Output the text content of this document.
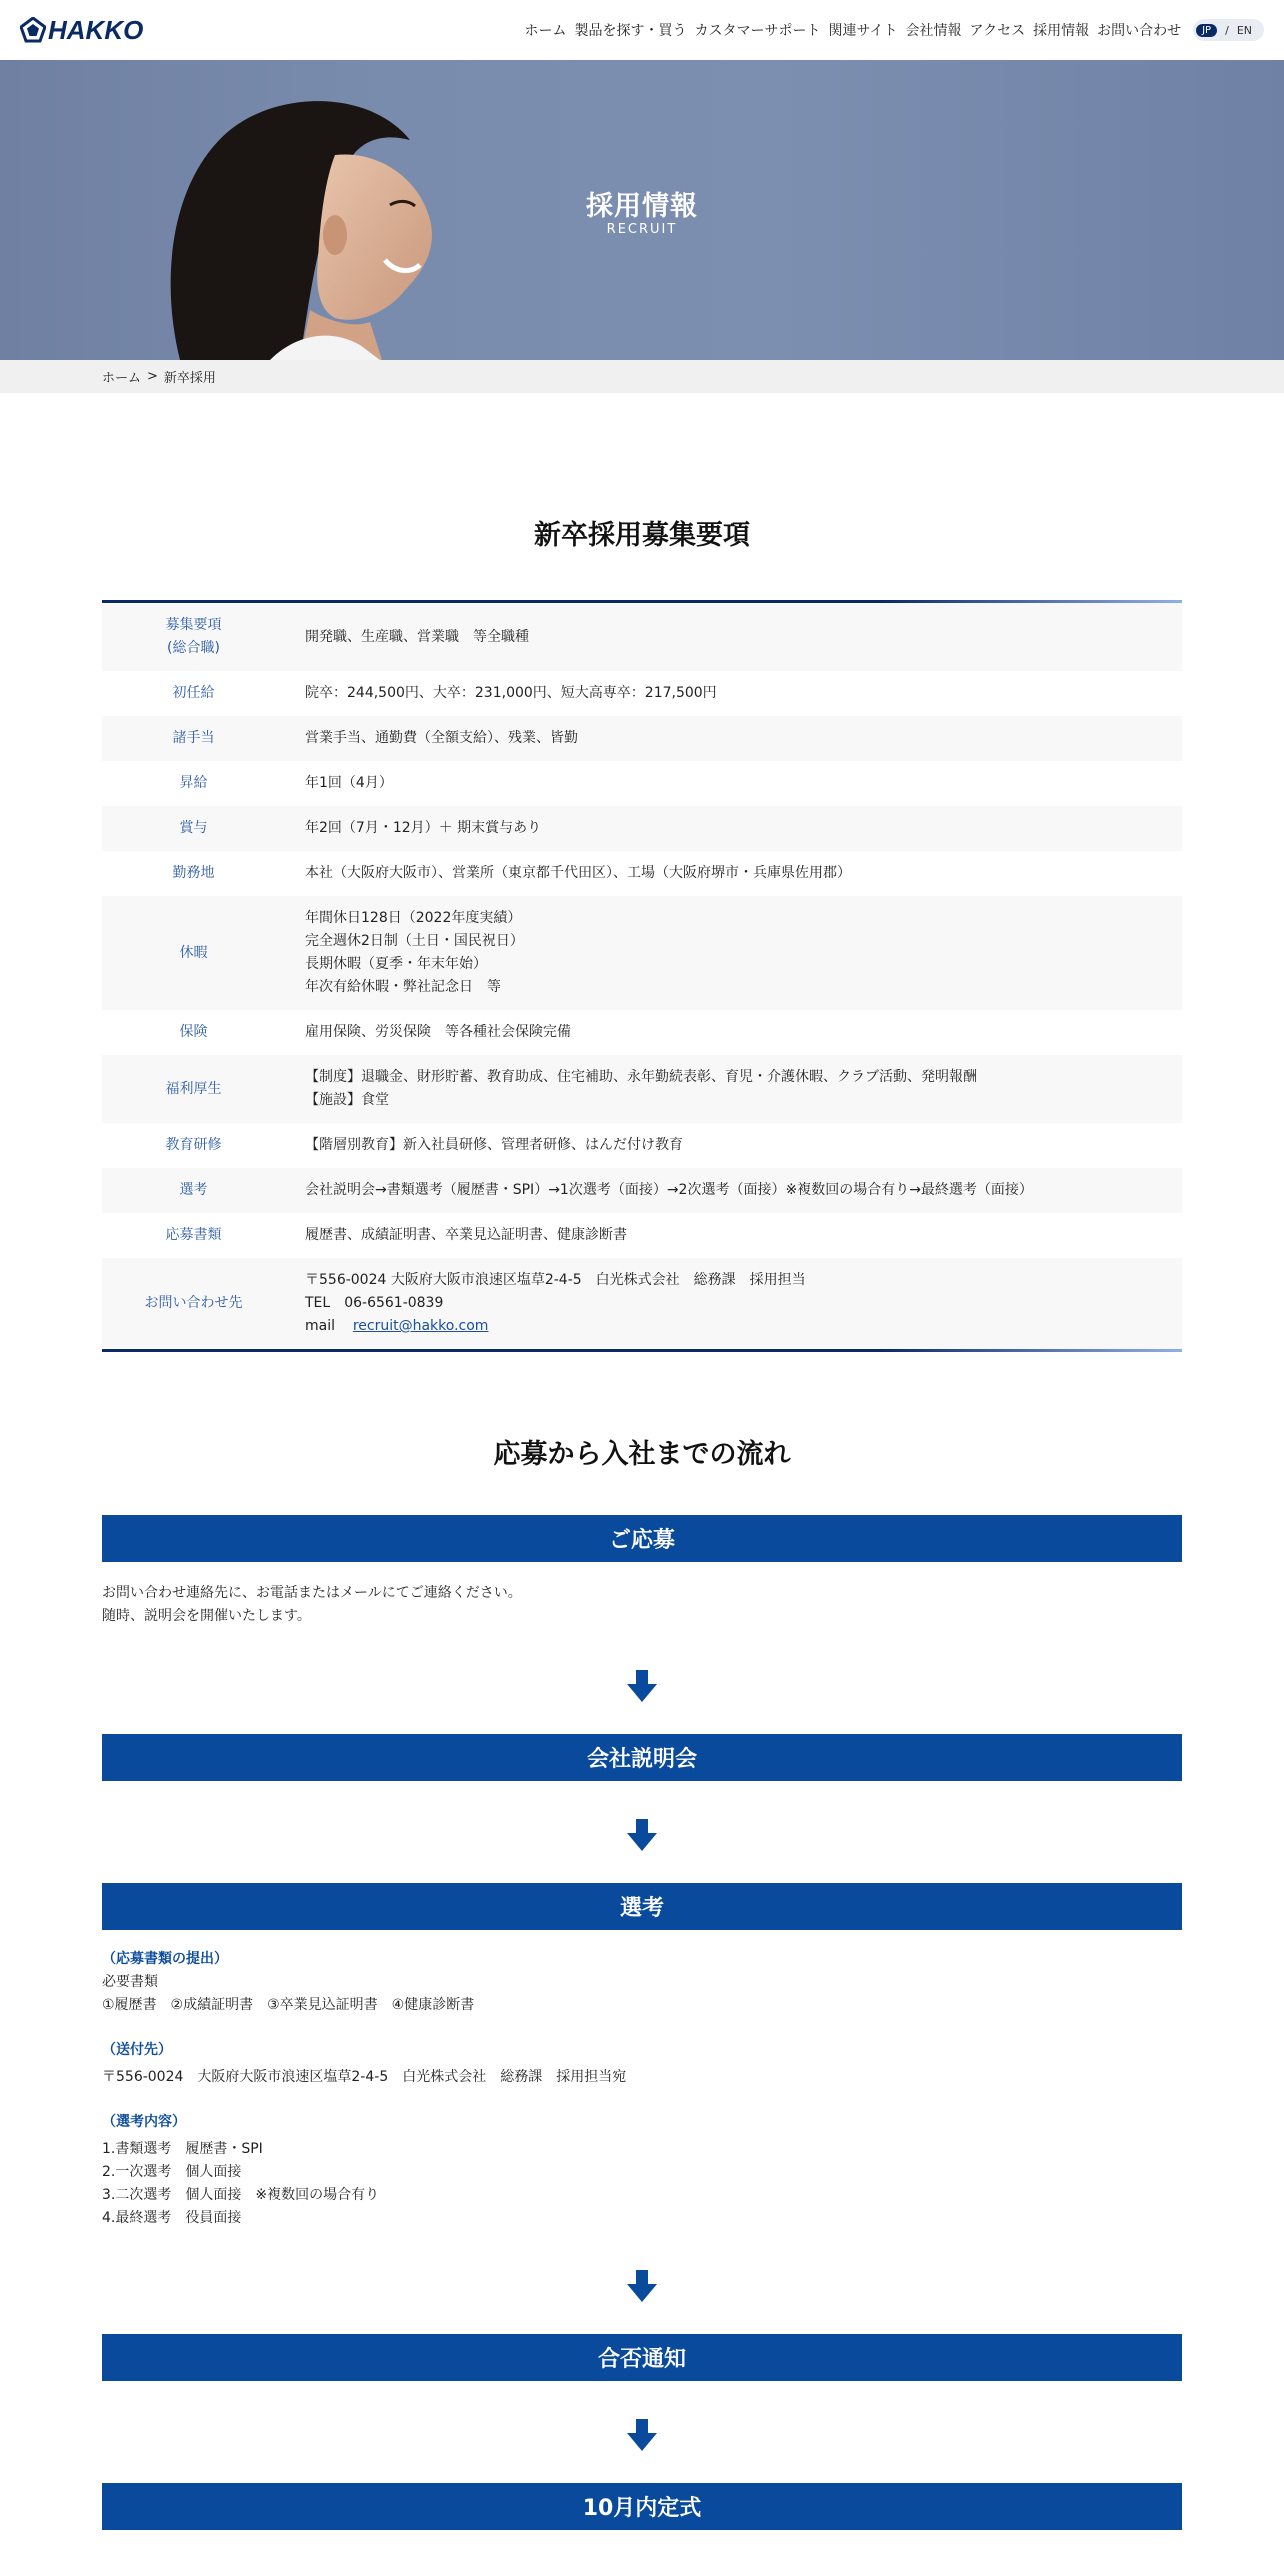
HAKKO	ホーム 製品を探す・買う カスタマーサポート 関連サイト 会社情報 アクセス 採用情報 お問い合わせ	JP	/ EN
採用情報
RECRUIT
ホーム > 新卒採用
新卒採用募集要項
募集要項
(総合職)	開発職、生産職、営業職　等全職種

初任給	院卒：244,500円、大卒：231,000円、短大高専卒：217,500円

諸手当	営業手当、通勤費（全額支給）、残業、皆勤

昇給	年1回（4月）

賞与	年2回（7月・12月）＋ 期末賞与あり

勤務地	本社（大阪府大阪市）、営業所（東京都千代田区）、工場（大阪府堺市・兵庫県佐用郡）

休暇	年間休日128日（2022年度実績）
完全週休2日制（土日・国民祝日）
長期休暇（夏季・年末年始）
年次有給休暇・弊社記念日　等

保険	雇用保険、労災保険　等各種社会保険完備

福利厚生	【制度】退職金、財形貯蓄、教育助成、住宅補助、永年勤続表彰、育児・介護休暇、クラブ活動、発明報酬
【施設】食堂

教育研修	【階層別教育】新入社員研修、管理者研修、はんだ付け教育

選考	会社説明会→書類選考（履歴書・SPI）→1次選考（面接）→2次選考（面接）※複数回の場合有り→最終選考（面接）

応募書類	履歴書、成績証明書、卒業見込証明書、健康診断書

お問い合わせ先	〒556-0024 大阪府大阪市浪速区塩草2-4-5　白光株式会社　総務課　採用担当
TEL　06-6561-0839
mail recruit@hakko.com
応募から入社までの流れ
ご応募
お問い合わせ連絡先に、お電話またはメールにてご連絡ください。
随時、説明会を開催いたします。
会社説明会
選考
（応募書類の提出）
必要書類
①履歴書　②成績証明書　③卒業見込証明書　④健康診断書
（送付先）
〒556-0024　大阪府大阪市浪速区塩草2-4-5　白光株式会社　総務課　採用担当宛
（選考内容）
1.書類選考　履歴書・SPI
2.一次選考　個人面接
3.二次選考　個人面接　※複数回の場合有り
4.最終選考　役員面接
合否通知
10月内定式
